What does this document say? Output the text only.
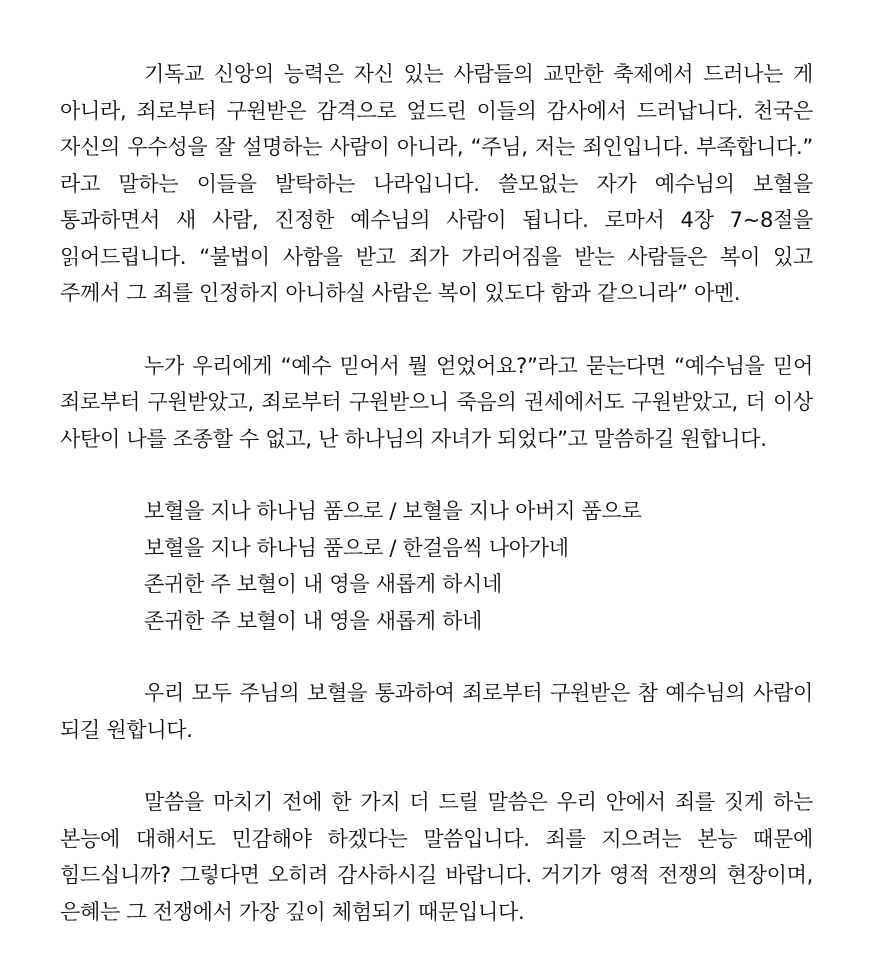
기독교 신앙의 능력은 자신 있는 사람들의 교만한 축제에서 드러나는 게 아니라, 죄로부터 구원받은 감격으로 엎드린 이들의 감사에서 드러납니다. 천국은 자신의 우수성을 잘 설명하는 사람이 아니라, “주님, 저는 죄인입니다. 부족합니다.” 라고 말하는 이들을 발탁하는 나라입니다. 쓸모없는 자가 예수님의 보혈을 통과하면서 새 사람, 진정한 예수님의 사람이 됩니다. 로마서 4장 7~8절을 읽어드립니다. “불법이 사함을 받고 죄가 가리어짐을 받는 사람들은 복이 있고 주께서 그 죄를 인정하지 아니하실 사람은 복이 있도다 함과 같으니라” 아멘.

누가 우리에게 “예수 믿어서 뭘 얻었어요?”라고 묻는다면 “예수님을 믿어 죄로부터 구원받았고, 죄로부터 구원받으니 죽음의 권세에서도 구원받았고, 더 이상 사탄이 나를 조종할 수 없고, 난 하나님의 자녀가 되었다”고 말씀하길 원합니다.

보혈을 지나 하나님 품으로 / 보혈을 지나 아버지 품으로
보혈을 지나 하나님 품으로 / 한걸음씩 나아가네
존귀한 주 보혈이 내 영을 새롭게 하시네
존귀한 주 보혈이 내 영을 새롭게 하네

우리 모두 주님의 보혈을 통과하여 죄로부터 구원받은 참 예수님의 사람이 되길 원합니다.

말씀을 마치기 전에 한 가지 더 드릴 말씀은 우리 안에서 죄를 짓게 하는 본능에 대해서도 민감해야 하겠다는 말씀입니다. 죄를 지으려는 본능 때문에 힘드십니까? 그렇다면 오히려 감사하시길 바랍니다. 거기가 영적 전쟁의 현장이며, 은혜는 그 전쟁에서 가장 깊이 체험되기 때문입니다.
